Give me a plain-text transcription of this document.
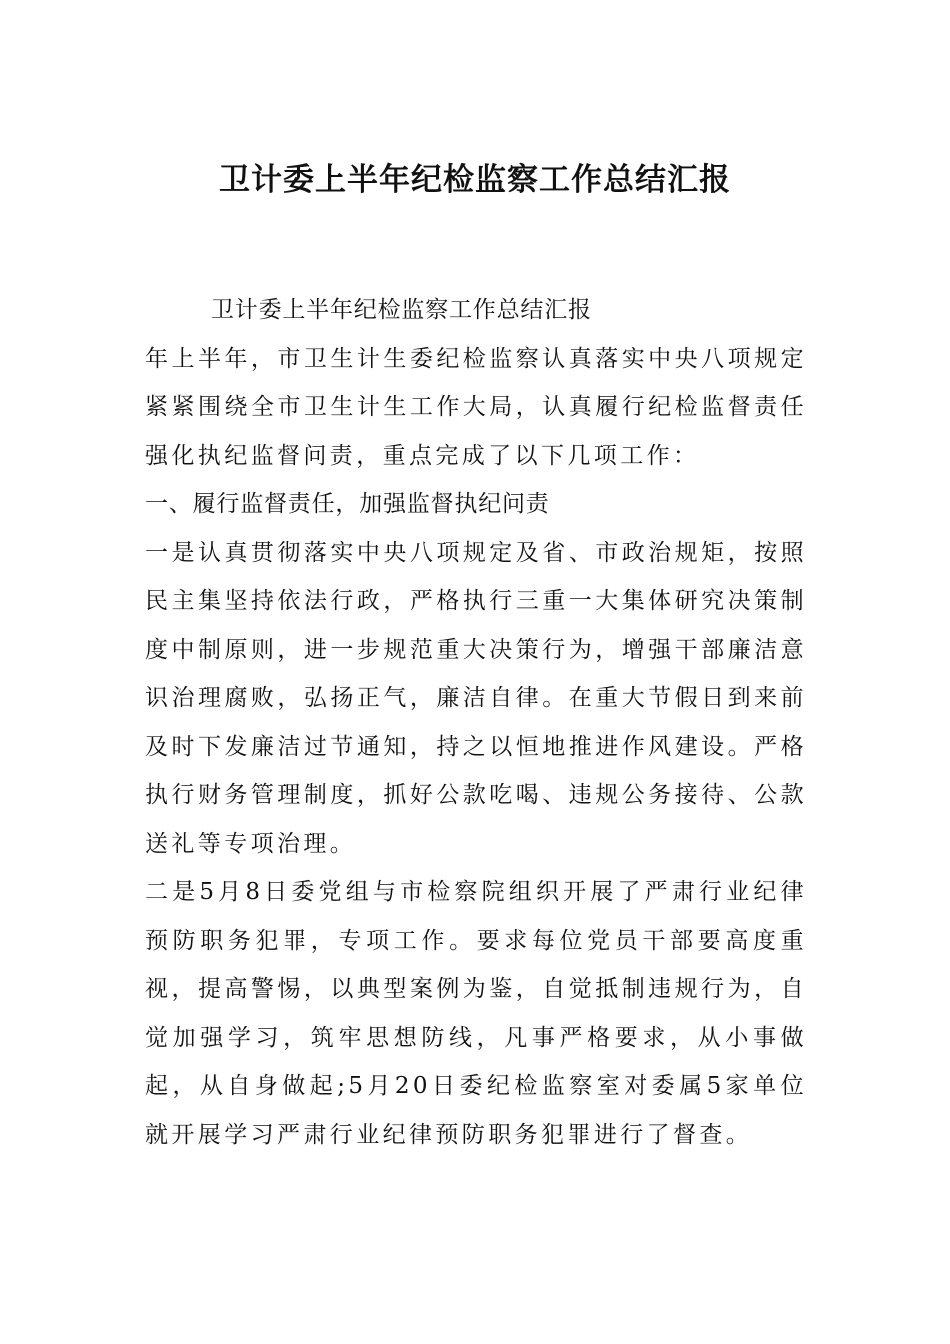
卫计委上半年纪检监察工作总结汇报

卫计委上半年纪检监察工作总结汇报

年上半年，市卫生计生委纪检监察认真落实中央八项规定紧紧围绕全市卫生计生工作大局，认真履行纪检监督责任强化执纪监督问责，重点完成了以下几项工作：

一、履行监督责任，加强监督执纪问责

一是认真贯彻落实中央八项规定及省、市政治规矩，按照民主集坚持依法行政，严格执行三重一大集体研究决策制度中制原则，进一步规范重大决策行为，增强干部廉洁意识治理腐败，弘扬正气，廉洁自律。在重大节假日到来前及时下发廉洁过节通知，持之以恒地推进作风建设。严格执行财务管理制度，抓好公款吃喝、违规公务接待、公款送礼等专项治理。

二是5月8日委党组与市检察院组织开展了严肃行业纪律预防职务犯罪，专项工作。要求每位党员干部要高度重视，提高警惕，以典型案例为鉴，自觉抵制违规行为，自觉加强学习，筑牢思想防线，凡事严格要求，从小事做起，从自身做起;5月20日委纪检监察室对委属5家单位就开展学习严肃行业纪律预防职务犯罪进行了督查。
